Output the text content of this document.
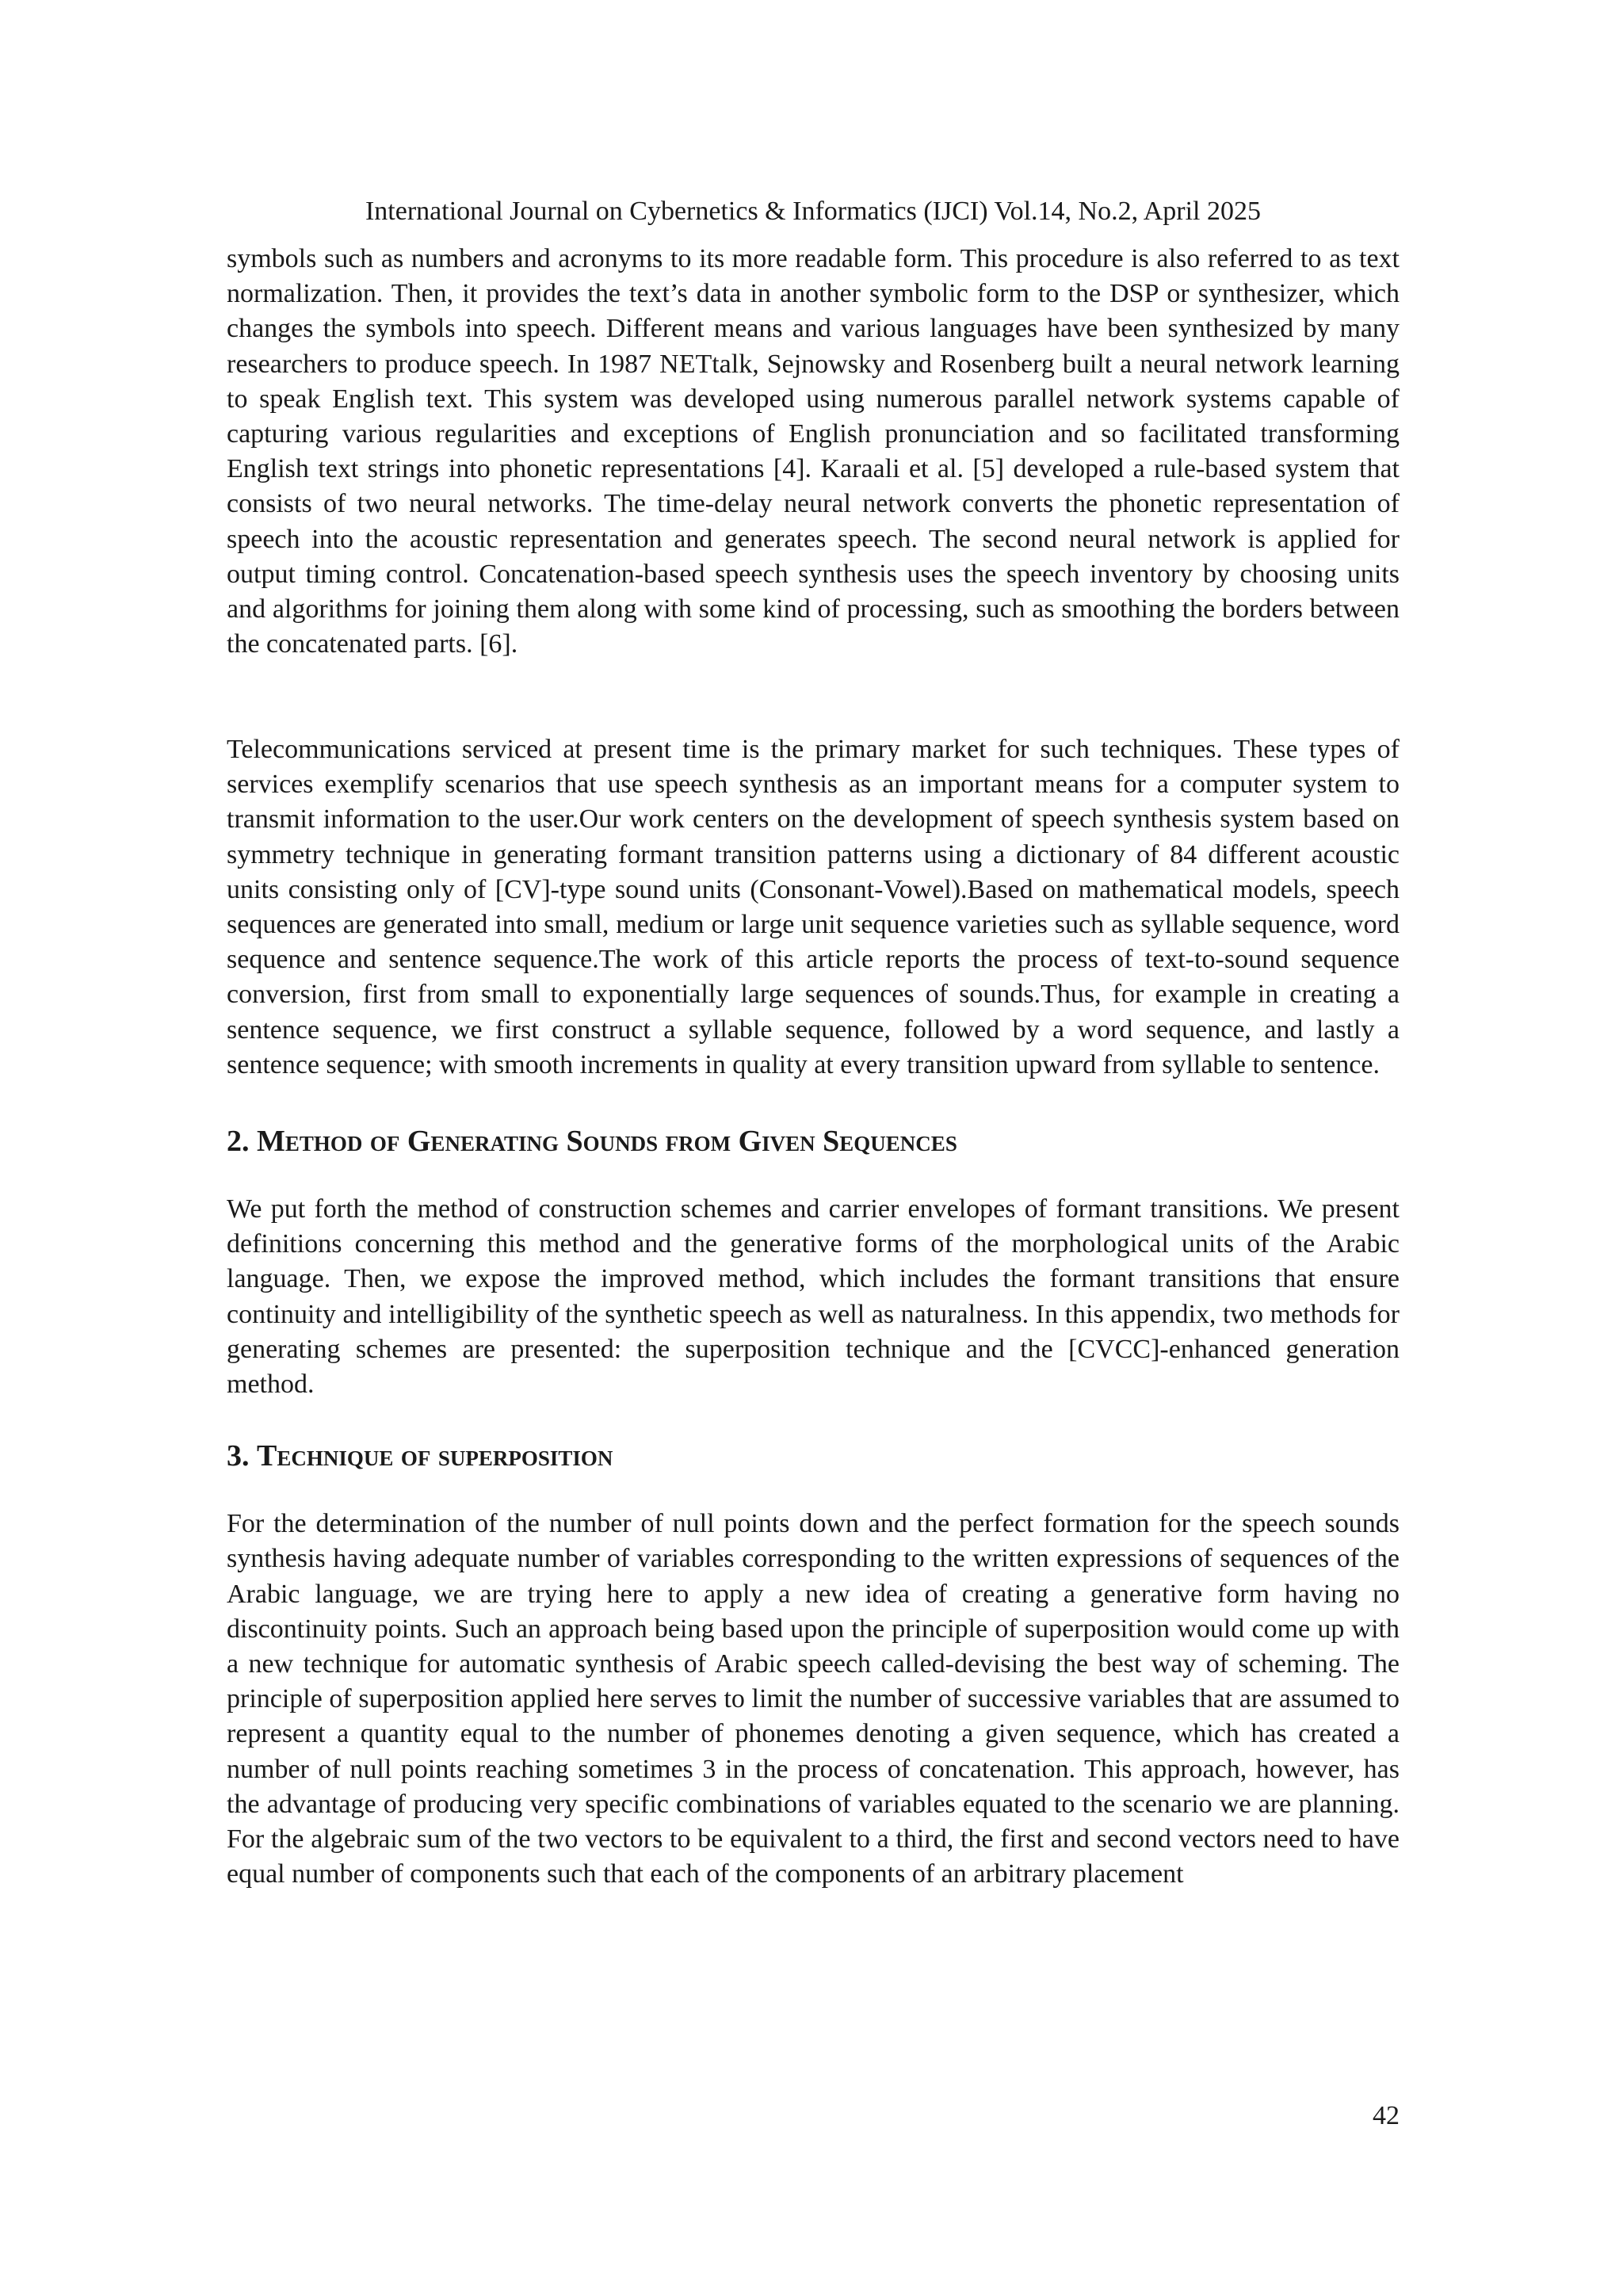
International Journal on Cybernetics & Informatics (IJCI) Vol.14, No.2, April 2025

symbols such as numbers and acronyms to its more readable form. This procedure is also referred to as text normalization. Then, it provides the text’s data in another symbolic form to the DSP or synthesizer, which changes the symbols into speech. Different means and various languages have been synthesized by many researchers to produce speech. In 1987 NETtalk, Sejnowsky and Rosenberg built a neural network learning to speak English text. This system was developed using numerous parallel network systems capable of capturing various regularities and exceptions of English pronunciation and so facilitated transforming English text strings into phonetic representations [4]. Karaali et al. [5] developed a rule-based system that consists of two neural networks. The time-delay neural network converts the phonetic representation of speech into the acoustic representation and generates speech. The second neural network is applied for output timing control. Concatenation-based speech synthesis uses the speech inventory by choosing units and algorithms for joining them along with some kind of processing, such as smoothing the borders between the concatenated parts. [6].

Telecommunications serviced at present time is the primary market for such techniques. These types of services exemplify scenarios that use speech synthesis as an important means for a computer system to transmit information to the user.Our work centers on the development of speech synthesis system based on symmetry technique in generating formant transition patterns using a dictionary of 84 different acoustic units consisting only of [CV]-type sound units (Consonant-Vowel).Based on mathematical models, speech sequences are generated into small, medium or large unit sequence varieties such as syllable sequence, word sequence and sentence sequence.The work of this article reports the process of text-to-sound sequence conversion, first from small to exponentially large sequences of sounds.Thus, for example in creating a sentence sequence, we first construct a syllable sequence, followed by a word sequence, and lastly a sentence sequence; with smooth increments in quality at every transition upward from syllable to sentence.

2. Method of Generating Sounds from Given Sequences

We put forth the method of construction schemes and carrier envelopes of formant transitions. We present definitions concerning this method and the generative forms of the morphological units of the Arabic language. Then, we expose the improved method, which includes the formant transitions that ensure continuity and intelligibility of the synthetic speech as well as naturalness. In this appendix, two methods for generating schemes are presented: the superposition technique and the [CVCC]-enhanced generation method.

3. Technique of superposition

For the determination of the number of null points down and the perfect formation for the speech sounds synthesis having adequate number of variables corresponding to the written expressions of sequences of the Arabic language, we are trying here to apply a new idea of creating a generative form having no discontinuity points. Such an approach being based upon the principle of superposition would come up with a new technique for automatic synthesis of Arabic speech called-devising the best way of scheming. The principle of superposition applied here serves to limit the number of successive variables that are assumed to represent a quantity equal to the number of phonemes denoting a given sequence, which has created a number of null points reaching sometimes 3 in the process of concatenation. This approach, however, has the advantage of producing very specific combinations of variables equated to the scenario we are planning. For the algebraic sum of the two vectors to be equivalent to a third, the first and second vectors need to have equal number of components such that each of the components of an arbitrary placement

42
